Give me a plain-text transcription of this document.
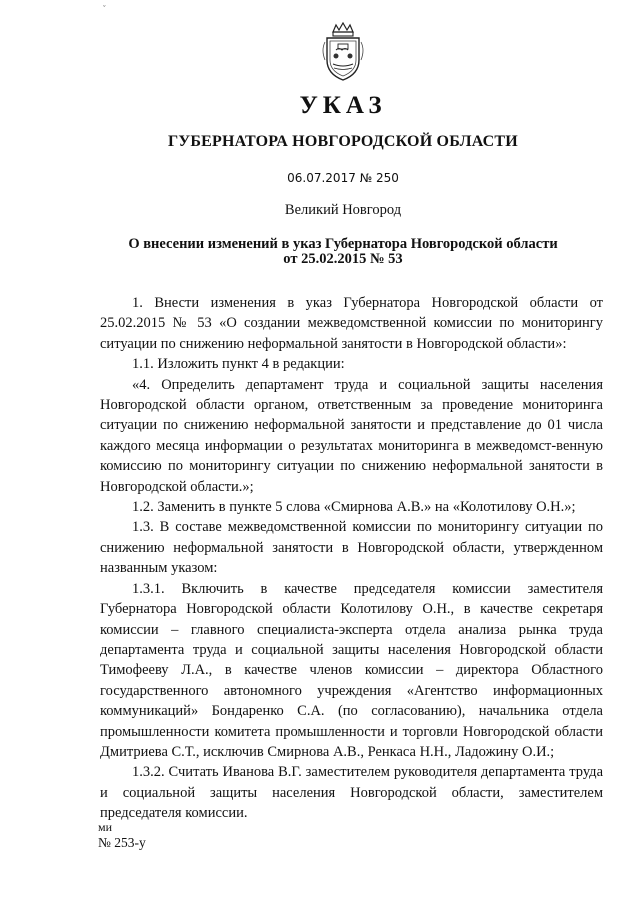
ˇ
УКАЗ
ГУБЕРНАТОРА НОВГОРОДСКОЙ ОБЛАСТИ
06.07.2017 № 250
Великий Новгород
О внесении изменений в указ Губернатора Новгородской области
от 25.02.2015 № 53

1. Внести изменения в указ Губернатора Новгородской области от 25.02.2015 № 53 «О создании межведомственной комиссии по мониторингу ситуации по снижению неформальной занятости в Новгородской области»:

1.1. Изложить пункт 4 в редакции:

«4. Определить департамент труда и социальной защиты населения Новгородской области органом, ответственным за проведение мониторинга ситуации по снижению неформальной занятости и представление до 01 числа каждого месяца информации о результатах мониторинга в межведомст-венную комиссию по мониторингу ситуации по снижению неформальной занятости в Новгородской области.»;

1.2. Заменить в пункте 5 слова «Смирнова А.В.» на «Колотилову О.Н.»;

1.3. В составе межведомственной комиссии по мониторингу ситуации по снижению неформальной занятости в Новгородской области, утвержденном названным указом:

1.3.1. Включить в качестве председателя комиссии заместителя Губернатора Новгородской области Колотилову О.Н., в качестве секретаря комиссии – главного специалиста-эксперта отдела анализа рынка труда департамента труда и социальной защиты населения Новгородской области Тимофееву Л.А., в качестве членов комиссии – директора Областного государственного автономного учреждения «Агентство информационных коммуникаций» Бондаренко С.А. (по согласованию), начальника отдела промышленности комитета промышленности и торговли Новгородской области Дмитриева С.Т., исключив Смирнова А.В., Ренкаса Н.Н., Ладожину О.И.;

1.3.2. Считать Иванова В.Г. заместителем руководителя департамента труда и социальной защиты населения Новгородской области, заместителем председателя комиссии.

ми
№ 253-у
